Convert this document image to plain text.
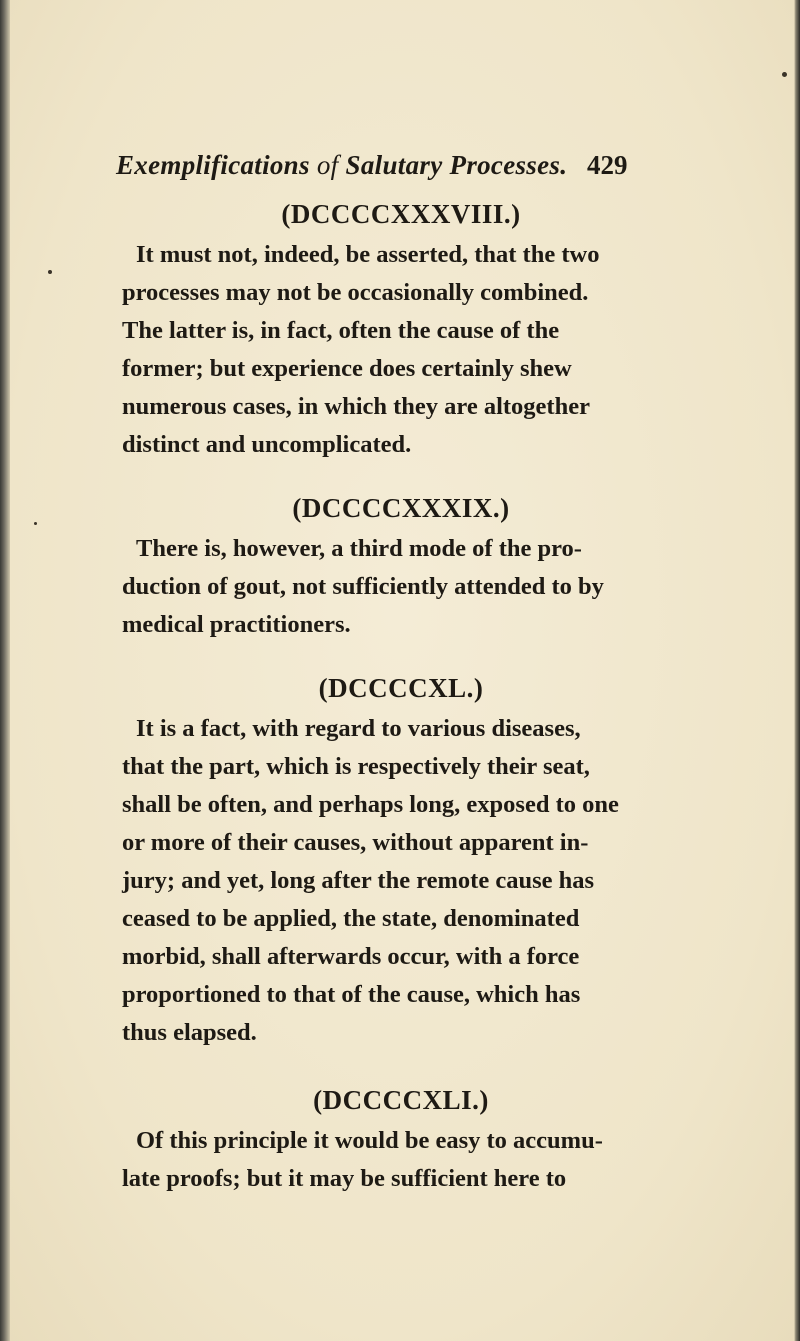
Exemplifications of Salutary Processes. 429
(DCCCCXXXVIII.)

It must not, indeed, be asserted, that the two
processes may not be occasionally combined.
The latter is, in fact, often the cause of the
former; but experience does certainly shew
numerous cases, in which they are altogether
distinct and uncomplicated.

(DCCCCXXXIX.)

There is, however, a third mode of the pro-
duction of gout, not sufficiently attended to by
medical practitioners.

(DCCCCXL.)

It is a fact, with regard to various diseases,
that the part, which is respectively their seat,
shall be often, and perhaps long, exposed to one
or more of their causes, without apparent in-
jury; and yet, long after the remote cause has
ceased to be applied, the state, denominated
morbid, shall afterwards occur, with a force
proportioned to that of the cause, which has
thus elapsed.

(DCCCCXLI.)

Of this principle it would be easy to accumu-
late proofs; but it may be sufficient here to
